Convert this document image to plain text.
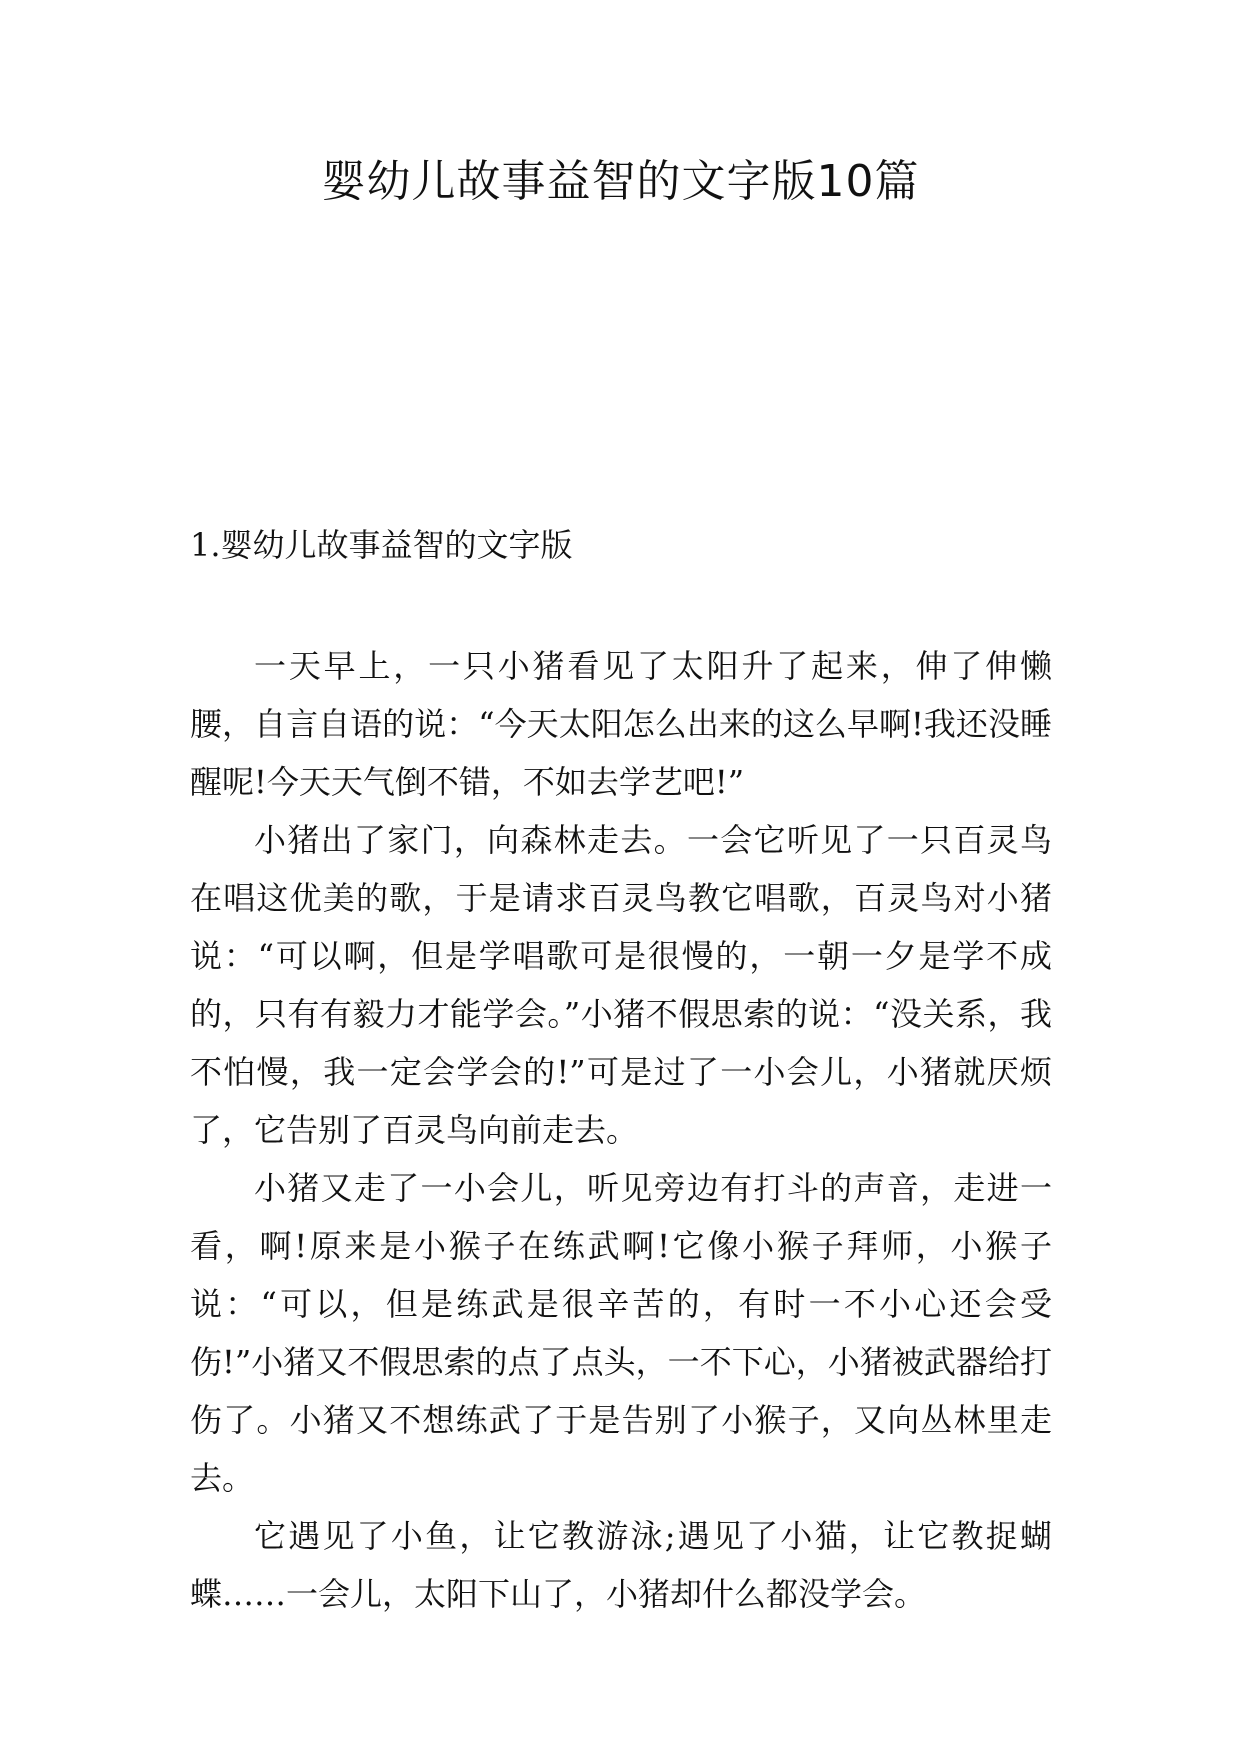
婴幼儿故事益智的文字版10篇
1.婴幼儿故事益智的文字版

一天早上，一只小猪看见了太阳升了起来，伸了伸懒腰，自言自语的说：“今天太阳怎么出来的这么早啊!我还没睡醒呢!今天天气倒不错，不如去学艺吧!”

小猪出了家门，向森林走去。一会它听见了一只百灵鸟在唱这优美的歌，于是请求百灵鸟教它唱歌，百灵鸟对小猪说：“可以啊，但是学唱歌可是很慢的，一朝一夕是学不成的，只有有毅力才能学会。”小猪不假思索的说：“没关系，我不怕慢，我一定会学会的!”可是过了一小会儿，小猪就厌烦了，它告别了百灵鸟向前走去。

小猪又走了一小会儿，听见旁边有打斗的声音，走进一看，啊!原来是小猴子在练武啊!它像小猴子拜师，小猴子说：“可以，但是练武是很辛苦的，有时一不小心还会受伤!”小猪又不假思索的点了点头，一不下心，小猪被武器给打伤了。小猪又不想练武了于是告别了小猴子，又向丛林里走去。

它遇见了小鱼，让它教游泳;遇见了小猫，让它教捉蝴蝶……一会儿，太阳下山了，小猪却什么都没学会。
